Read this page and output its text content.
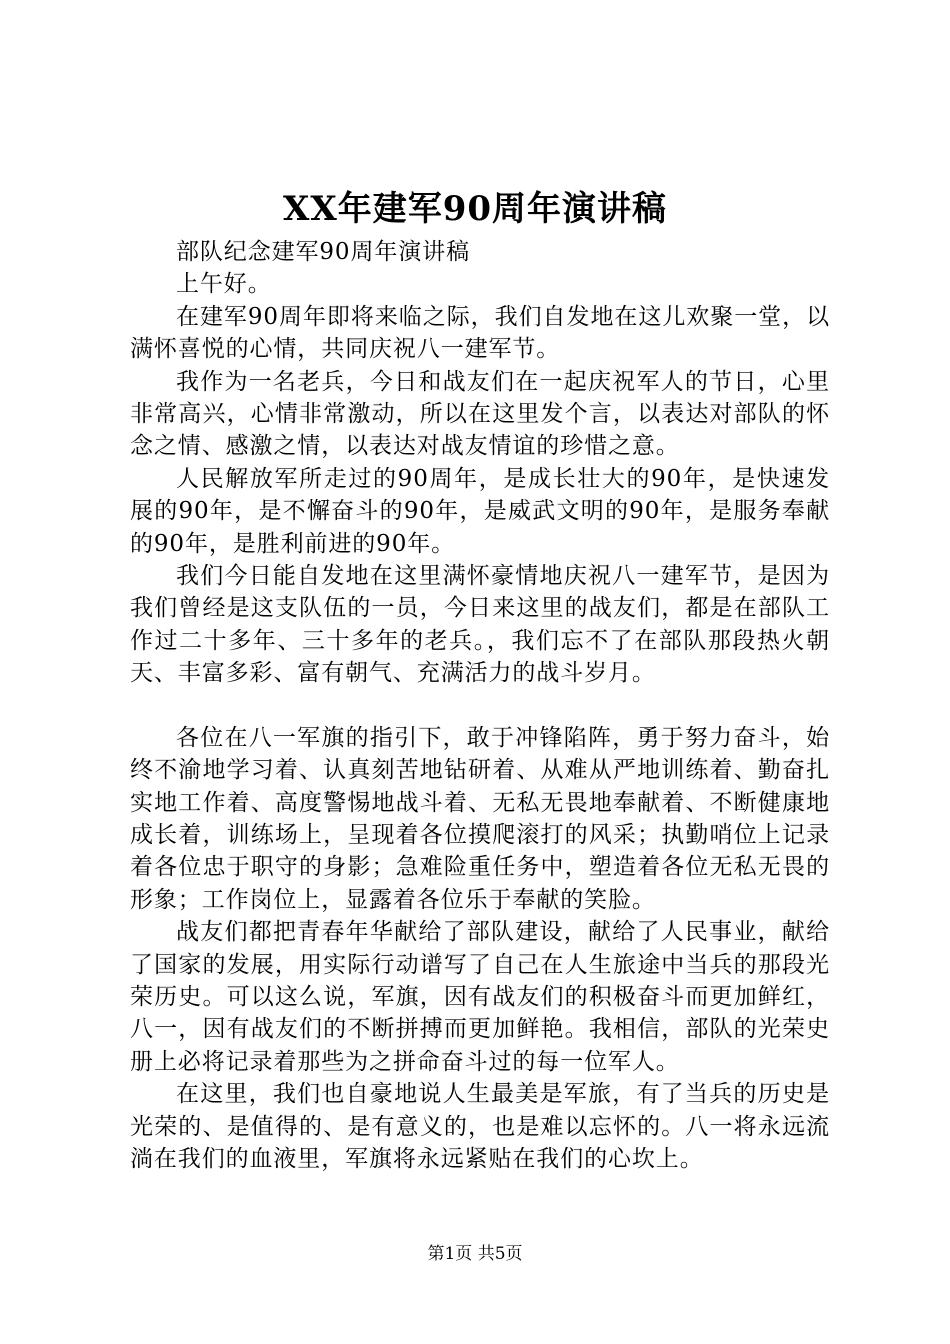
XX年建军90周年演讲稿

部队纪念建军90周年演讲稿

上午好。

在建军90周年即将来临之际，我们自发地在这儿欢聚一堂，以满怀喜悦的心情，共同庆祝八一建军节。

我作为一名老兵，今日和战友们在一起庆祝军人的节日，心里非常高兴，心情非常激动，所以在这里发个言，以表达对部队的怀念之情、感激之情，以表达对战友情谊的珍惜之意。

人民解放军所走过的90周年，是成长壮大的90年，是快速发展的90年，是不懈奋斗的90年，是威武文明的90年，是服务奉献的90年，是胜利前进的90年。

我们今日能自发地在这里满怀豪情地庆祝八一建军节，是因为我们曾经是这支队伍的一员，今日来这里的战友们，都是在部队工作过二十多年、三十多年的老兵。，我们忘不了在部队那段热火朝天、丰富多彩、富有朝气、充满活力的战斗岁月。

各位在八一军旗的指引下，敢于冲锋陷阵，勇于努力奋斗，始终不渝地学习着、认真刻苦地钻研着、从难从严地训练着、勤奋扎实地工作着、高度警惕地战斗着、无私无畏地奉献着、不断健康地成长着，训练场上，呈现着各位摸爬滚打的风采；执勤哨位上记录着各位忠于职守的身影；急难险重任务中，塑造着各位无私无畏的形象；工作岗位上，显露着各位乐于奉献的笑脸。

战友们都把青春年华献给了部队建设，献给了人民事业，献给了国家的发展，用实际行动谱写了自己在人生旅途中当兵的那段光荣历史。可以这么说，军旗，因有战友们的积极奋斗而更加鲜红，八一，因有战友们的不断拼搏而更加鲜艳。我相信，部队的光荣史册上必将记录着那些为之拼命奋斗过的每一位军人。

在这里，我们也自豪地说人生最美是军旅，有了当兵的历史是光荣的、是值得的、是有意义的，也是难以忘怀的。八一将永远流淌在我们的血液里，军旗将永远紧贴在我们的心坎上。

第1页 共5页
